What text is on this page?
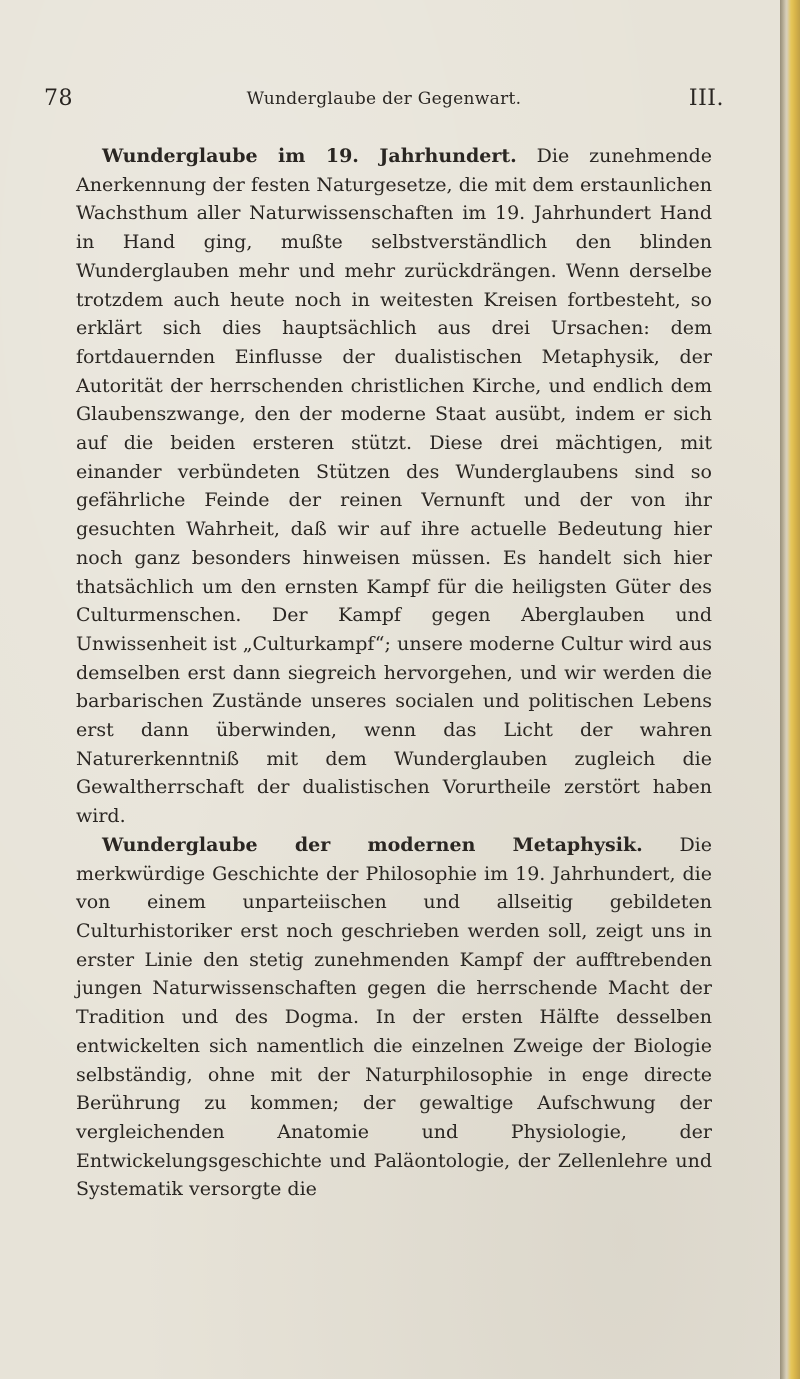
78	Wunderglaube der Gegenwart.	III.

Wunderglaube im 19. Jahrhundert. Die zunehmende Anerkennung der festen Naturgesetze, die mit dem erstaunlichen Wachsthum aller Naturwissenschaften im 19. Jahrhundert Hand in Hand ging, mußte selbstverständlich den blinden Wunderglauben mehr und mehr zurückdrängen. Wenn derselbe trotzdem auch heute noch in weitesten Kreisen fortbesteht, so erklärt sich dies hauptsächlich aus drei Ursachen: dem fortdauernden Einflusse der dualistischen Metaphysik, der Autorität der herrschenden christlichen Kirche, und endlich dem Glaubenszwange, den der moderne Staat ausübt, indem er sich auf die beiden ersteren stützt. Diese drei mächtigen, mit einander verbündeten Stützen des Wunderglaubens sind so gefährliche Feinde der reinen Vernunft und der von ihr gesuchten Wahrheit, daß wir auf ihre actuelle Bedeutung hier noch ganz besonders hinweisen müssen. Es handelt sich hier thatsächlich um den ernsten Kampf für die heiligsten Güter des Culturmenschen. Der Kampf gegen Aberglauben und Unwissenheit ist „Culturkampf“; unsere moderne Cultur wird aus demselben erst dann siegreich hervorgehen, und wir werden die barbarischen Zustände unseres socialen und politischen Lebens erst dann überwinden, wenn das Licht der wahren Naturerkenntniß mit dem Wunderglauben zugleich die Gewaltherrschaft der dualistischen Vorurtheile zerstört haben wird.

Wunderglaube der modernen Metaphysik. Die merkwürdige Geschichte der Philosophie im 19. Jahrhundert, die von einem unparteiischen und allseitig gebildeten Culturhistoriker erst noch geschrieben werden soll, zeigt uns in erster Linie den stetig zunehmenden Kampf der aufftrebenden jungen Naturwissenschaften gegen die herrschende Macht der Tradition und des Dogma. In der ersten Hälfte desselben entwickelten sich namentlich die einzelnen Zweige der Biologie selbständig, ohne mit der Naturphilosophie in enge directe Berührung zu kommen; der gewaltige Aufschwung der vergleichenden Anatomie und Physiologie, der Entwickelungsgeschichte und Paläontologie, der Zellenlehre und Systematik versorgte die
